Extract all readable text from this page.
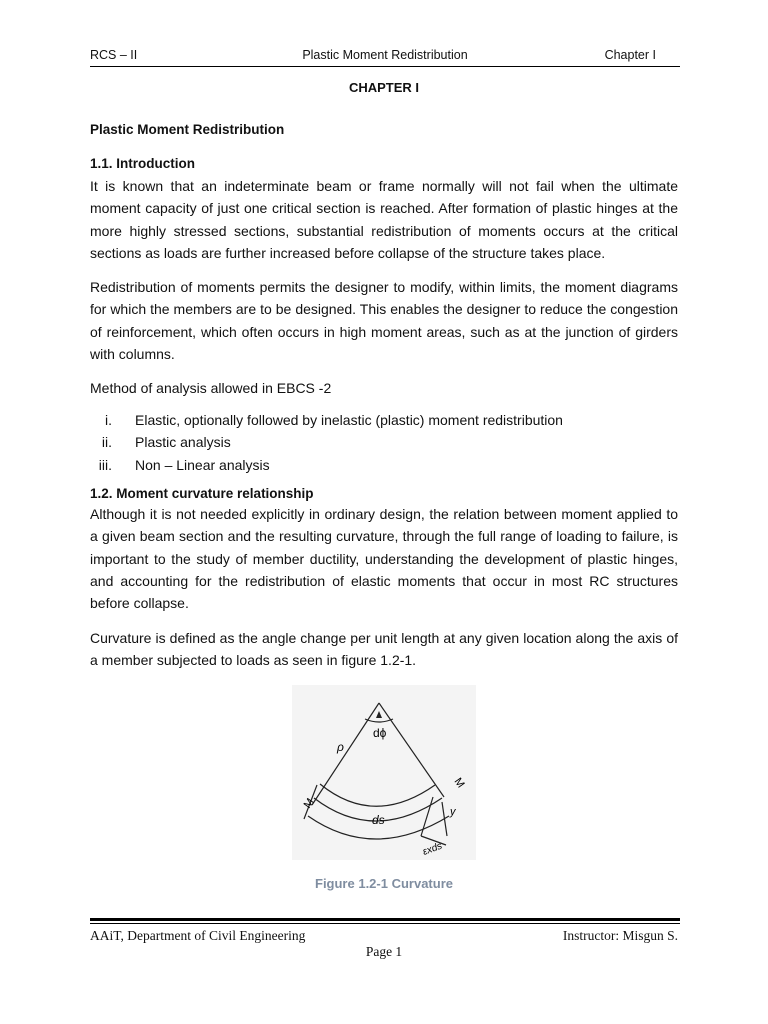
RCS – II	Plastic Moment Redistribution	Chapter I
CHAPTER I
Plastic Moment Redistribution
1.1. Introduction

It is known that an indeterminate beam or frame normally will not fail when the ultimate moment capacity of just one critical section is reached. After formation of plastic hinges at the more highly stressed sections, substantial redistribution of moments occurs at the critical sections as loads are further increased before collapse of the structure takes place.

Redistribution of moments permits the designer to modify, within limits, the moment diagrams for which the members are to be designed. This enables the designer to reduce the congestion of reinforcement, which often occurs in high moment areas, such as at the junction of girders with columns.

Method of analysis allowed in EBCS -2

i. Elastic, optionally followed by inelastic (plastic) moment redistribution
ii. Plastic analysis
iii. Non – Linear analysis
1.2. Moment curvature relationship

Although it is not needed explicitly in ordinary design, the relation between moment applied to a given beam section and the resulting curvature, through the full range of loading to failure, is important to the study of member ductility, understanding the development of plastic hinges, and accounting for the redistribution of elastic moments that occur in most RC structures before collapse.

Curvature is defined as the angle change per unit length at any given location along the axis of a member subjected to loads as seen in figure 1.2-1.

dϕ
ρ
M
M
ds
y
εxds
Figure 1.2-1 Curvature
AAiT, Department of Civil Engineering	Instructor: Misgun S.
Page 1
